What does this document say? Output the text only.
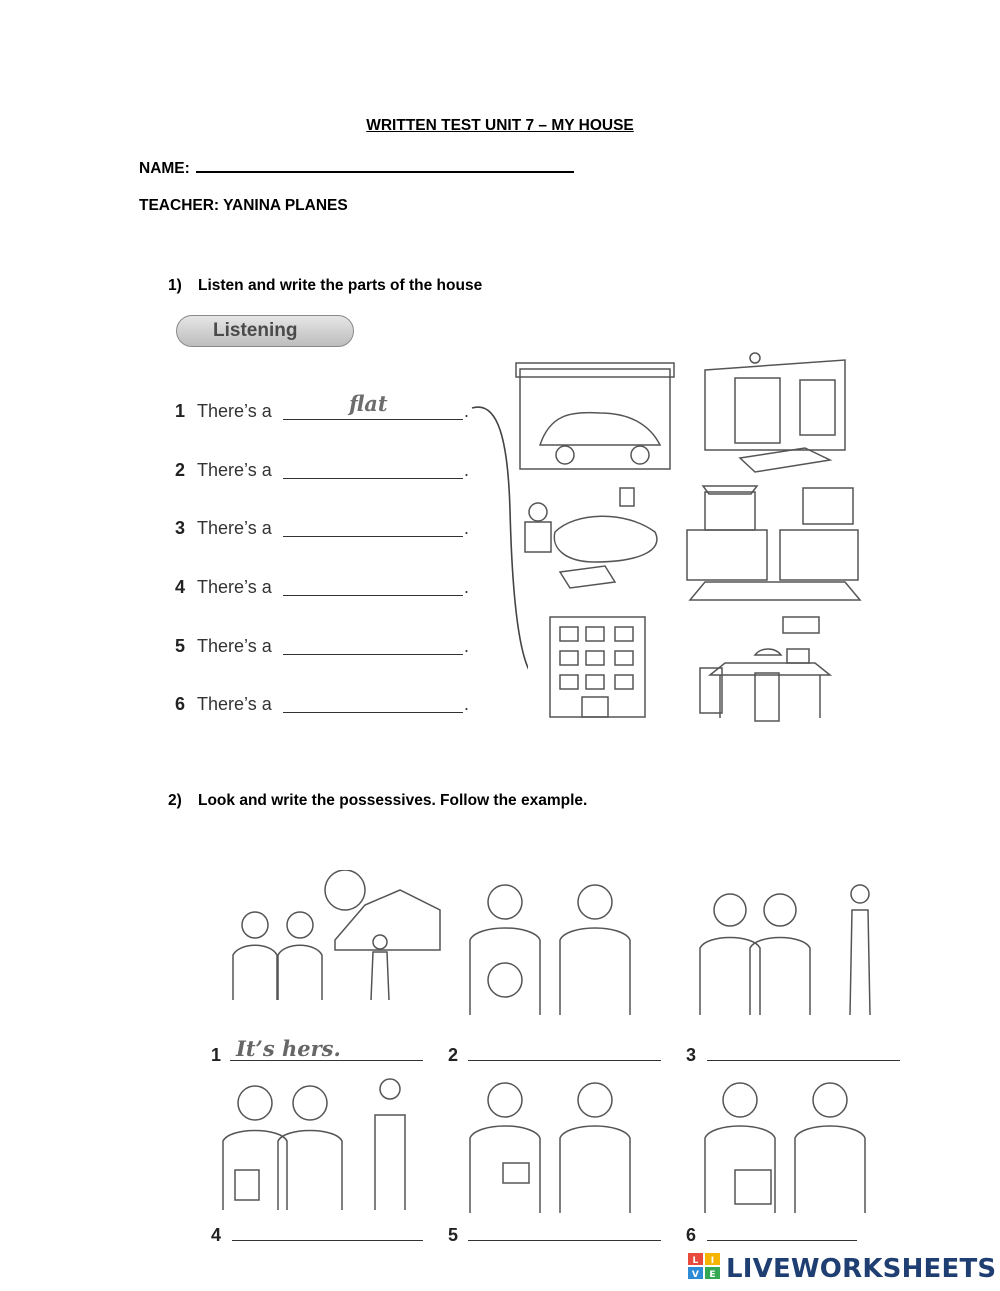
WRITTEN TEST UNIT 7 – MY HOUSE
NAME:
TEACHER: YANINA PLANES
1) Listen and write the parts of the house
Listening
1 There’s a	flat	.
2 There’s a	.
3 There’s a	.
4 There’s a	.
5 There’s a	.
6 There’s a	.
2) Look and write the possessives. Follow the example.
1 It’s hers.	2	3
4	5	6
L I
V E LIVEWORKSHEETS
